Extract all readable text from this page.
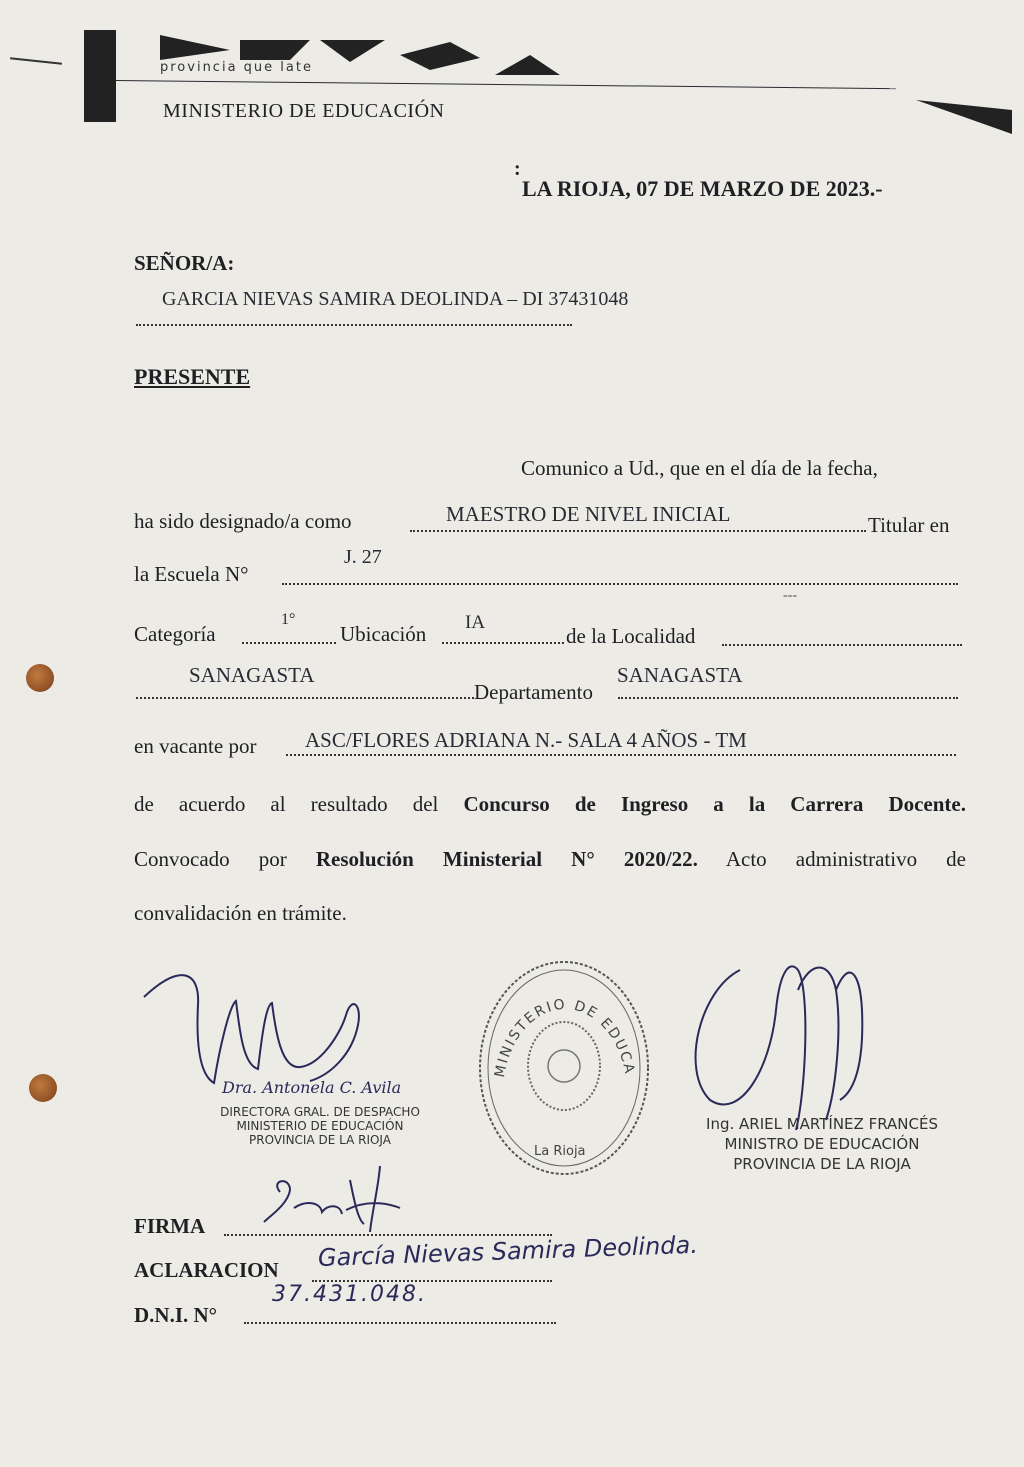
provincia que late
MINISTERIO DE EDUCACIÓN
:
LA RIOJA, 07 DE MARZO DE 2023.-
SEÑOR/A:
GARCIA NIEVAS SAMIRA DEOLINDA – DI 37431048
PRESENTE
Comunico a Ud., que en el día de la fecha,
ha sido designado/a como	MAESTRO DE NIVEL INICIAL	Titular en
la Escuela N°
J. 27
---
Categoría
1°
Ubicación IA
de la Localidad
SANAGASTA
Departamento
SANAGASTA
en vacante por ASC/FLORES ADRIANA N.- SALA 4 AÑOS - TM
de acuerdo al resultado del Concurso de Ingreso a la Carrera Docente.
Convocado por Resolución Ministerial N° 2020/22. Acto administrativo de
convalidación en trámite.
Dra. Antonela C. Avila
DIRECTORA GRAL. DE DESPACHO
MINISTERIO DE EDUCACIÓN
PROVINCIA DE LA RIOJA
MINISTERIO DE EDUCA
La Rioja
Ing. ARIEL MARTÍNEZ FRANCÉS
MINISTRO DE EDUCACIÓN
PROVINCIA DE LA RIOJA
FIRMA
ACLARACION García Nievas Samira Deolinda.
D.N.I. N°
37.431.048.
